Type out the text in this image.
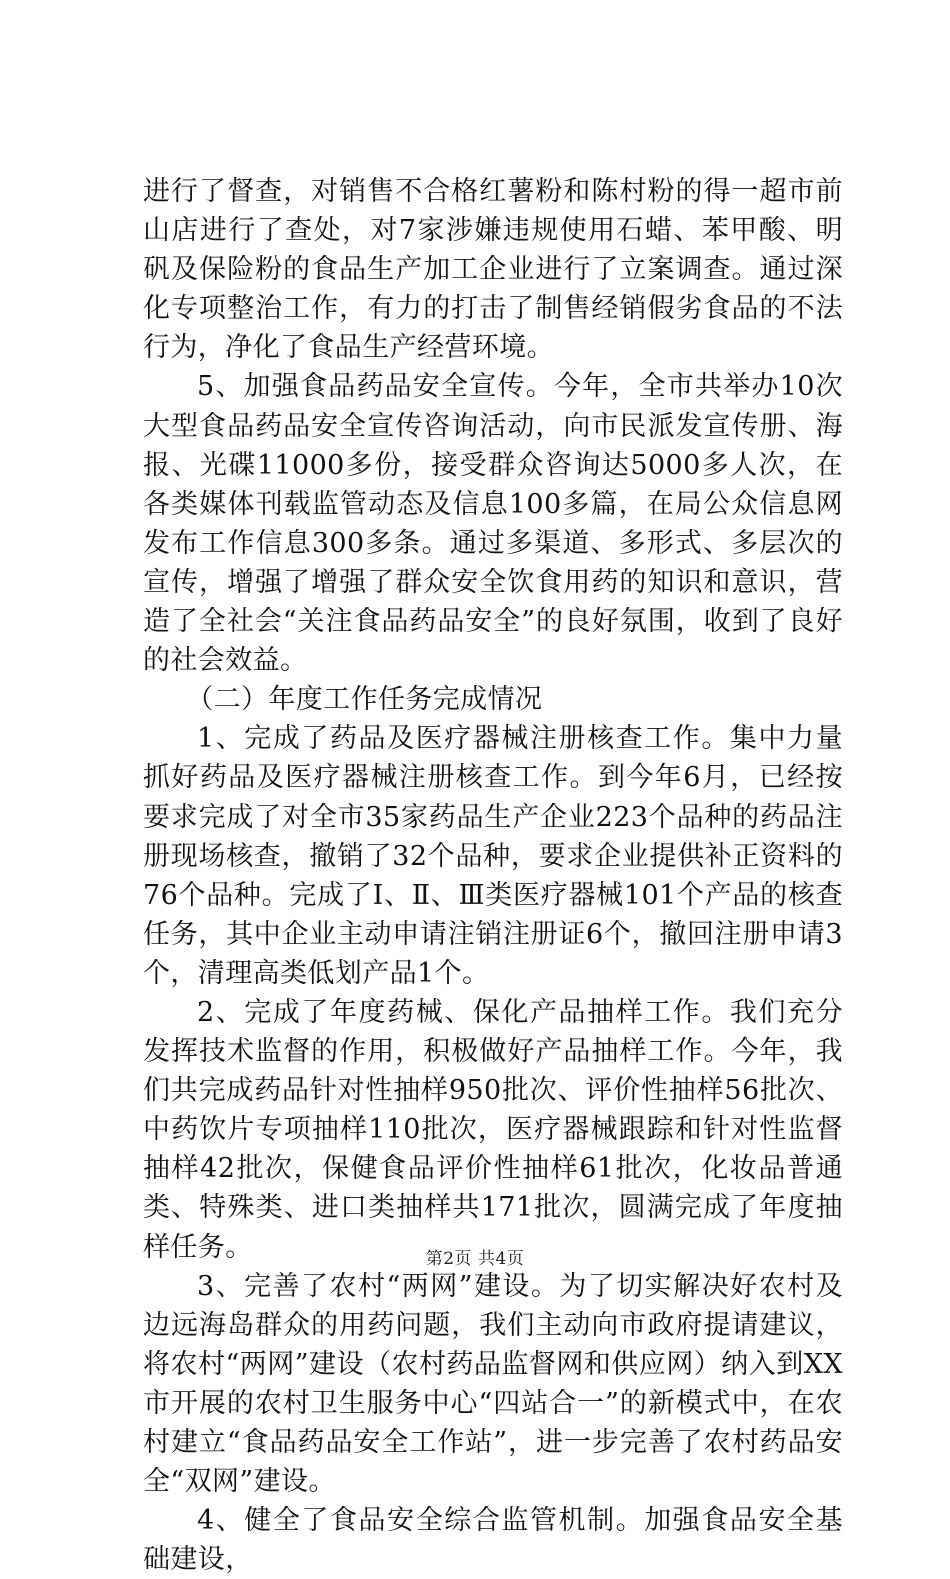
进行了督查，对销售不合格红薯粉和陈村粉的得一超市前山店进行了查处，对7家涉嫌违规使用石蜡、苯甲酸、明矾及保险粉的食品生产加工企业进行了立案调查。通过深化专项整治工作，有力的打击了制售经销假劣食品的不法行为，净化了食品生产经营环境。

5、加强食品药品安全宣传。今年，全市共举办10次大型食品药品安全宣传咨询活动，向市民派发宣传册、海报、光碟11000多份，接受群众咨询达5000多人次，在各类媒体刊载监管动态及信息100多篇，在局公众信息网发布工作信息300多条。通过多渠道、多形式、多层次的宣传，增强了增强了群众安全饮食用药的知识和意识，营造了全社会“关注食品药品安全”的良好氛围，收到了良好的社会效益。

（二）年度工作任务完成情况

1、完成了药品及医疗器械注册核查工作。集中力量抓好药品及医疗器械注册核查工作。到今年6月，已经按要求完成了对全市35家药品生产企业223个品种的药品注册现场核查，撤销了32个品种，要求企业提供补正资料的76个品种。完成了Ⅰ、Ⅱ、Ⅲ类医疗器械101个产品的核查任务，其中企业主动申请注销注册证6个，撤回注册申请3个，清理高类低划产品1个。

2、完成了年度药械、保化产品抽样工作。我们充分发挥技术监督的作用，积极做好产品抽样工作。今年，我们共完成药品针对性抽样950批次、评价性抽样56批次、中药饮片专项抽样110批次，医疗器械跟踪和针对性监督抽样42批次，保健食品评价性抽样61批次，化妆品普通类、特殊类、进口类抽样共171批次，圆满完成了年度抽样任务。

3、完善了农村“两网”建设。为了切实解决好农村及边远海岛群众的用药问题，我们主动向市政府提请建议，将农村“两网”建设（农村药品监督网和供应网）纳入到XX市开展的农村卫生服务中心“四站合一”的新模式中，在农村建立“食品药品安全工作站”，进一步完善了农村药品安全“双网”建设。

4、健全了食品安全综合监管机制。加强食品安全基础建设，

第2页 共4页
